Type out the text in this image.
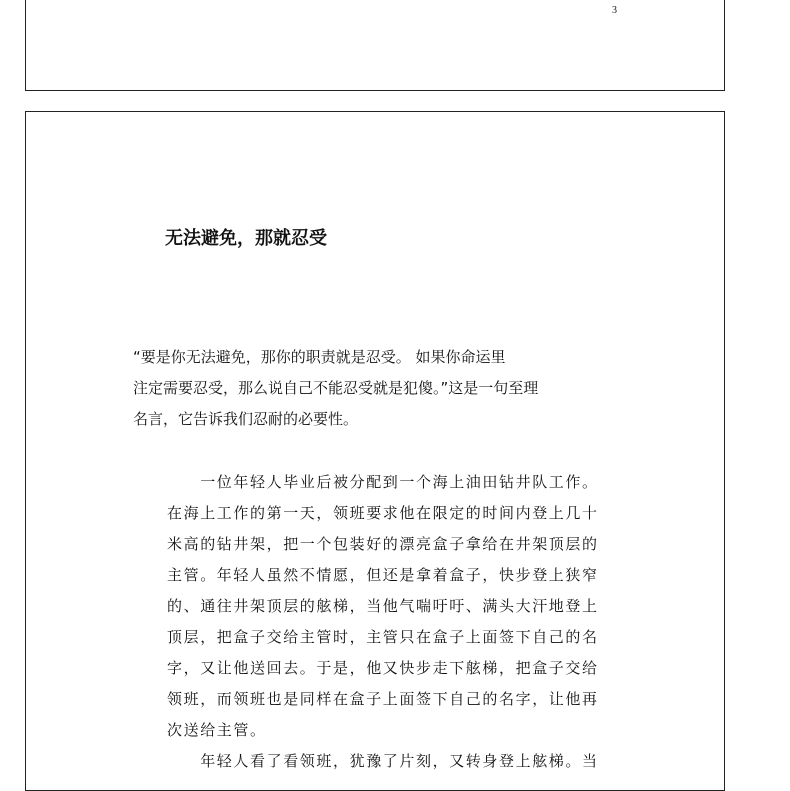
3
无法避免，那就忍受
“要是你无法避免，那你的职责就是忍受。 如果你命运里
注定需要忍受，那么说自己不能忍受就是犯傻。”这是一句至理
名言，它告诉我们忍耐的必要性。
　　一位年轻人毕业后被分配到一个海上油田钻井队工作。
在海上工作的第一天，领班要求他在限定的时间内登上几十
米高的钻井架，把一个包装好的漂亮盒子拿给在井架顶层的
主管。年轻人虽然不情愿，但还是拿着盒子，快步登上狭窄
的、通往井架顶层的舷梯，当他气喘吁吁、满头大汗地登上
顶层，把盒子交给主管时，主管只在盒子上面签下自己的名
字，又让他送回去。于是，他又快步走下舷梯，把盒子交给
领班，而领班也是同样在盒子上面签下自己的名字，让他再
次送给主管。
　　年轻人看了看领班，犹豫了片刻，又转身登上舷梯。当
